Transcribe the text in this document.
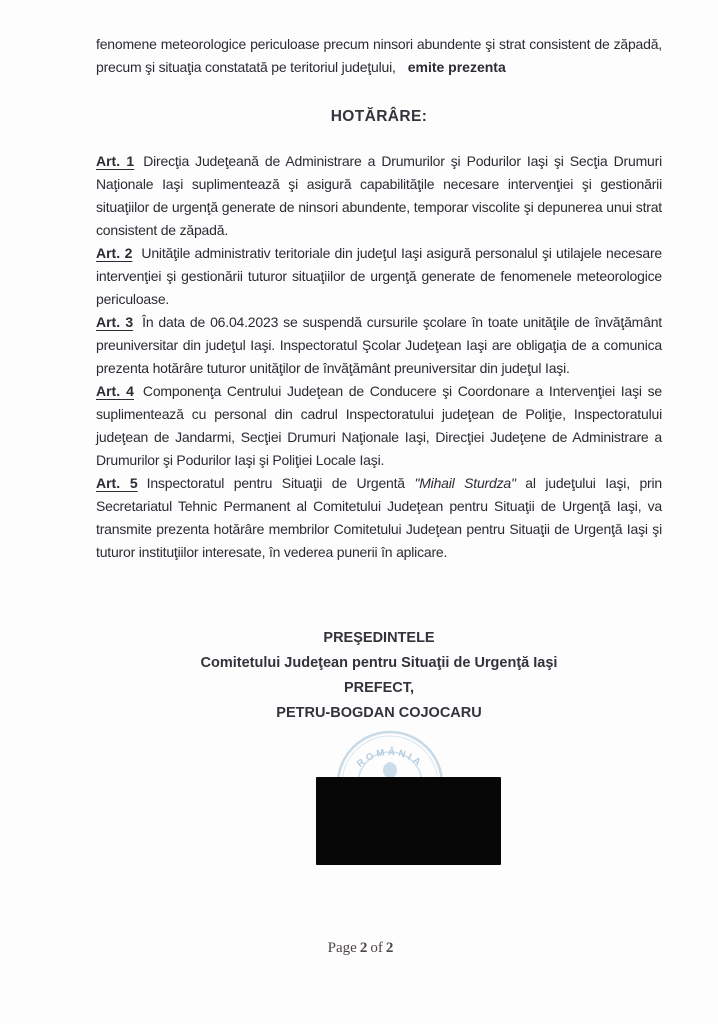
fenomene meteorologice periculoase precum ninsori abundente şi strat consistent de zăpadă, precum şi situaţia constatată pe teritoriul judeţului, emite prezenta

HOTĂRÂRE:

Art. 1 Direcţia Judeţeană de Administrare a Drumurilor şi Podurilor Iaşi şi Secţia Drumuri Naţionale Iaşi suplimentează şi asigură capabilităţile necesare intervenţiei şi gestionării situaţiilor de urgenţă generate de ninsori abundente, temporar viscolite şi depunerea unui strat consistent de zăpadă.

Art. 2 Unităţile administrativ teritoriale din judeţul Iaşi asigură personalul şi utilajele necesare intervenţiei şi gestionării tuturor situaţiilor de urgenţă generate de fenomenele meteorologice periculoase.

Art. 3 În data de 06.04.2023 se suspendă cursurile şcolare în toate unităţile de învăţământ preuniversitar din judeţul Iaşi. Inspectoratul Şcolar Judeţean Iaşi are obligaţia de a comunica prezenta hotărâre tuturor unităţilor de învăţământ preuniversitar din judeţul Iaşi.

Art. 4 Componenţa Centrului Judeţean de Conducere şi Coordonare a Intervenţiei Iaşi se suplimentează cu personal din cadrul Inspectoratului judeţean de Poliţie, Inspectoratului judeţean de Jandarmi, Secţiei Drumuri Naţionale Iaşi, Direcţiei Judeţene de Administrare a Drumurilor şi Podurilor Iaşi şi Poliţiei Locale Iaşi.

Art. 5 Inspectoratul pentru Situaţii de Urgentă "Mihail Sturdza" al judeţului Iaşi, prin Secretariatul Tehnic Permanent al Comitetului Judeţean pentru Situaţii de Urgenţă Iaşi, va transmite prezenta hotărâre membrilor Comitetului Judeţean pentru Situaţii de Urgenţă Iaşi şi tuturor instituţiilor interesate, în vederea punerii în aplicare.

PREŞEDINTELE
Comitetului Judeţean pentru Situaţii de Urgenţă Iaşi
PREFECT,
PETRU-BOGDAN COJOCARU
ROMÂNIA
Page 2 of 2
